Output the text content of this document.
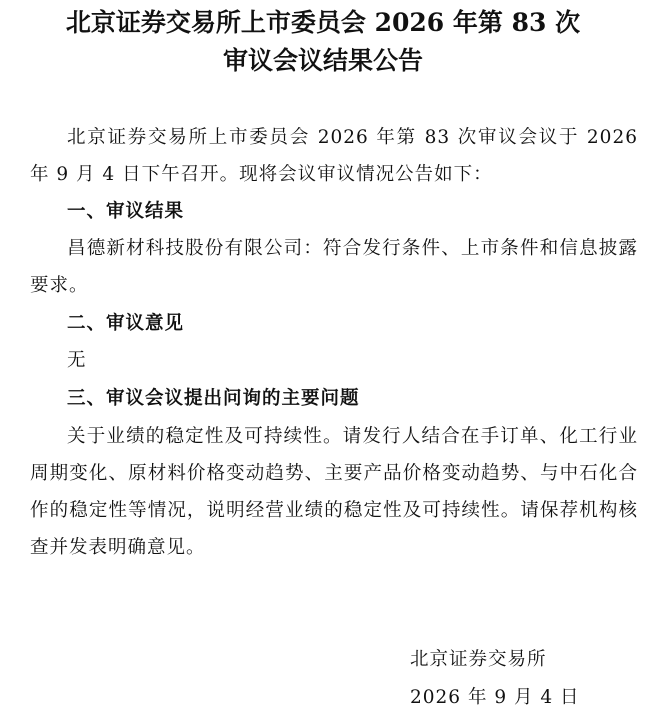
北京证券交易所上市委员会 2026 年第 83 次
审议会议结果公告
北京证券交易所上市委员会 2026 年第 83 次审议会议于 2026 年 9 月 4 日下午召开。现将会议审议情况公告如下：
一、审议结果
昌德新材科技股份有限公司：符合发行条件、上市条件和信息披露要求。
二、审议意见
无
三、审议会议提出问询的主要问题
关于业绩的稳定性及可持续性。请发行人结合在手订单、化工行业周期变化、原材料价格变动趋势、主要产品价格变动趋势、与中石化合作的稳定性等情况，说明经营业绩的稳定性及可持续性。请保荐机构核查并发表明确意见。
北京证券交易所
2026 年 9 月 4 日
